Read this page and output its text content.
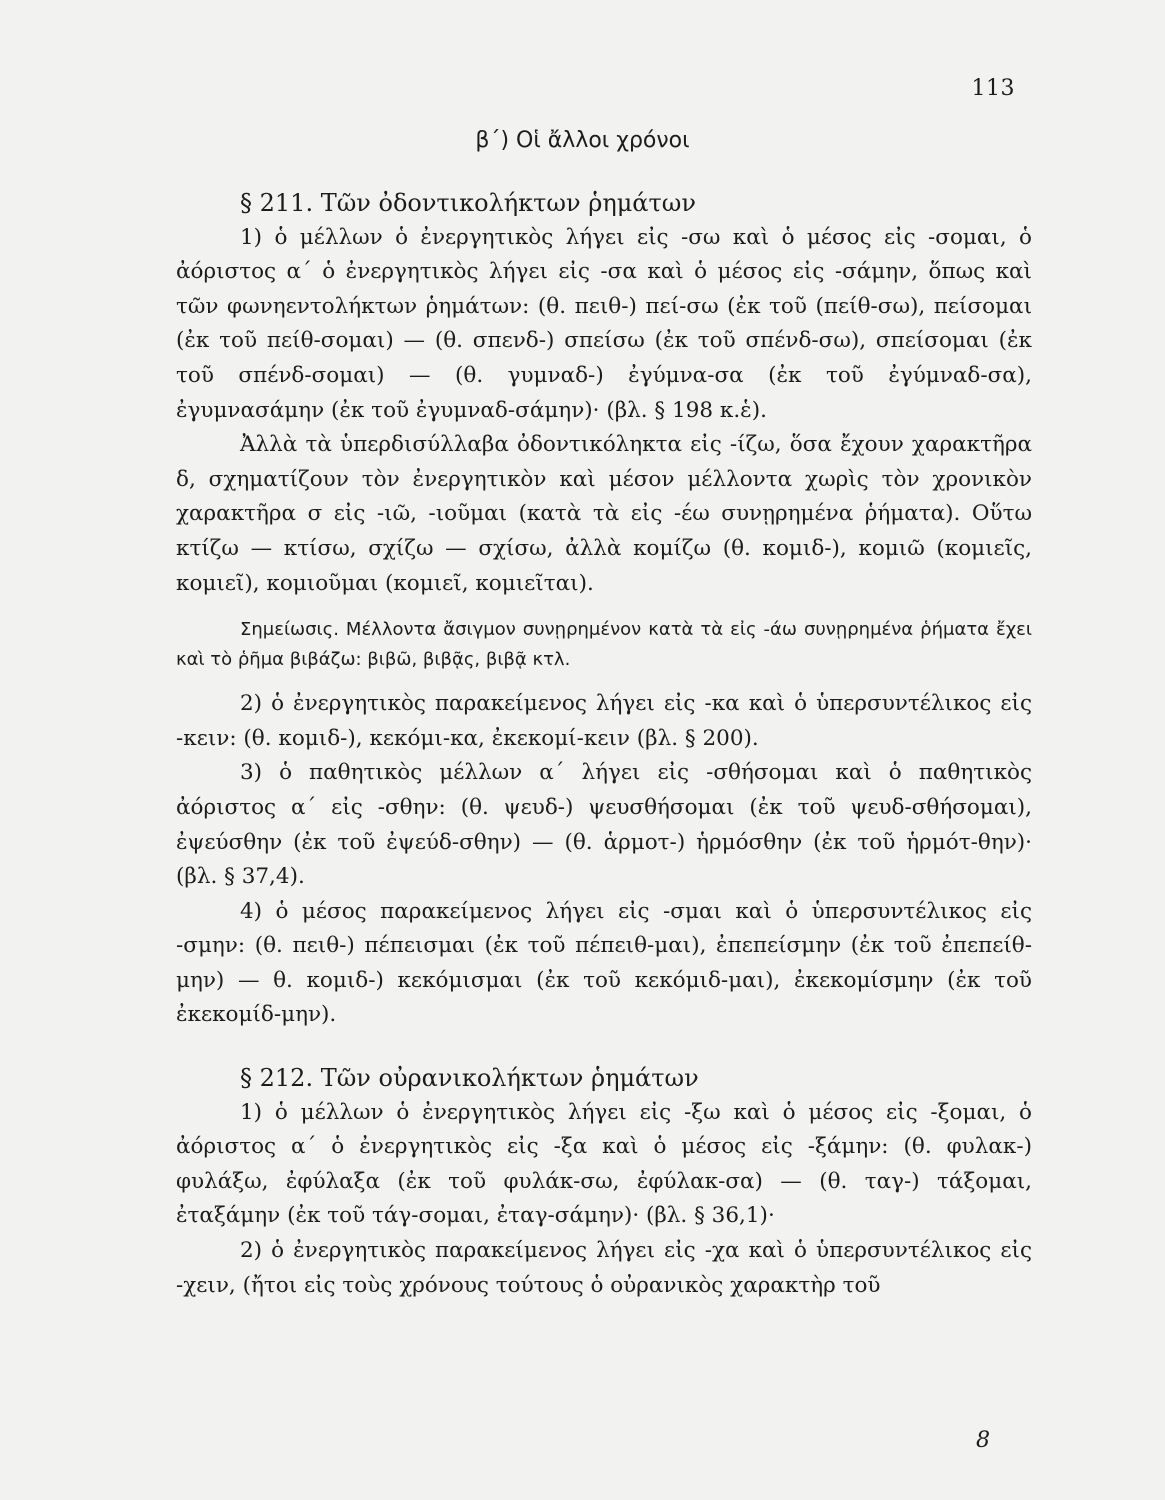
113
β΄) Οἱ ἄλλοι χρόνοι

§ 211. Τῶν ὀδοντικολήκτων ῥημάτων

1) ὁ μέλλων ὁ ἐνεργητικὸς λήγει εἰς -σω καὶ ὁ μέσος εἰς -σομαι, ὁ ἀόριστος α΄ ὁ ἐνεργητικὸς λήγει εἰς -σα καὶ ὁ μέσος εἰς -σάμην, ὅπως καὶ τῶν φωνηεντολήκτων ῥημάτων: (θ. πειθ-) πεί-σω (ἐκ τοῦ (πείθ-σω), πείσομαι (ἐκ τοῦ πείθ-σομαι) — (θ. σπενδ-) σπείσω (ἐκ τοῦ σπένδ-σω), σπείσομαι (ἐκ τοῦ σπένδ-σομαι) — (θ. γυμναδ-) ἐγύμνα-σα (ἐκ τοῦ ἐγύμναδ-σα), ἐγυμνασάμην (ἐκ τοῦ ἐγυμναδ-σάμην)· (βλ. § 198 κ.ἑ).

Ἀλλὰ τὰ ὑπερδισύλλαβα ὀδοντικόληκτα εἰς -ίζω, ὅσα ἔχουν χαρακτῆρα δ, σχηματίζουν τὸν ἐνεργητικὸν καὶ μέσον μέλλοντα χωρὶς τὸν χρονικὸν χαρακτῆρα σ εἰς -ιῶ, -ιοῦμαι (κατὰ τὰ εἰς -έω συνῃρημένα ῥήματα). Οὕτω κτίζω — κτίσω, σχίζω — σχίσω, ἀλλὰ κομίζω (θ. κομιδ-), κομιῶ (κομιεῖς, κομιεῖ), κομιοῦμαι (κομιεῖ, κομιεῖται).

Σημείωσις. Μέλλοντα ἄσιγμον συνῃρημένον κατὰ τὰ εἰς -άω συνῃρημένα ῥήματα ἔχει καὶ τὸ ῥῆμα βιβάζω: βιβῶ, βιβᾷς, βιβᾷ κτλ.

2) ὁ ἐνεργητικὸς παρακείμενος λήγει εἰς -κα καὶ ὁ ὑπερσυντέλικος εἰς -κειν: (θ. κομιδ-), κεκόμι-κα, ἐκεκομί-κειν (βλ. § 200).

3) ὁ παθητικὸς μέλλων α΄ λήγει εἰς -σθήσομαι καὶ ὁ παθητικὸς ἀόριστος α΄ εἰς -σθην: (θ. ψευδ-) ψευσθήσομαι (ἐκ τοῦ ψευδ-σθήσομαι), ἐψεύσθην (ἐκ τοῦ ἐψεύδ-σθην) — (θ. ἁρμοτ-) ἡρμόσθην (ἐκ τοῦ ἡρμότ-θην)· (βλ. § 37,4).

4) ὁ μέσος παρακείμενος λήγει εἰς -σμαι καὶ ὁ ὑπερσυντέλικος εἰς -σμην: (θ. πειθ-) πέπεισμαι (ἐκ τοῦ πέπειθ-μαι), ἐπεπείσμην (ἐκ τοῦ ἐπεπείθ-μην) — θ. κομιδ-) κεκόμισμαι (ἐκ τοῦ κεκόμιδ-μαι), ἐκεκομίσμην (ἐκ τοῦ ἐκεκομίδ-μην).

§ 212. Τῶν οὐρανικολήκτων ῥημάτων

1) ὁ μέλλων ὁ ἐνεργητικὸς λήγει εἰς -ξω καὶ ὁ μέσος εἰς -ξομαι, ὁ ἀόριστος α΄ ὁ ἐνεργητικὸς εἰς -ξα καὶ ὁ μέσος εἰς -ξάμην: (θ. φυλακ-) φυλάξω, ἐφύλαξα (ἐκ τοῦ φυλάκ-σω, ἐφύλακ-σα) — (θ. ταγ-) τάξομαι, ἐταξάμην (ἐκ τοῦ τάγ-σομαι, ἐταγ-σάμην)· (βλ. § 36,1)·

2) ὁ ἐνεργητικὸς παρακείμενος λήγει εἰς -χα καὶ ὁ ὑπερσυντέλικος εἰς -χειν, (ἤτοι εἰς τοὺς χρόνους τούτους ὁ οὐρανικὸς χαρακτὴρ τοῦ

8
